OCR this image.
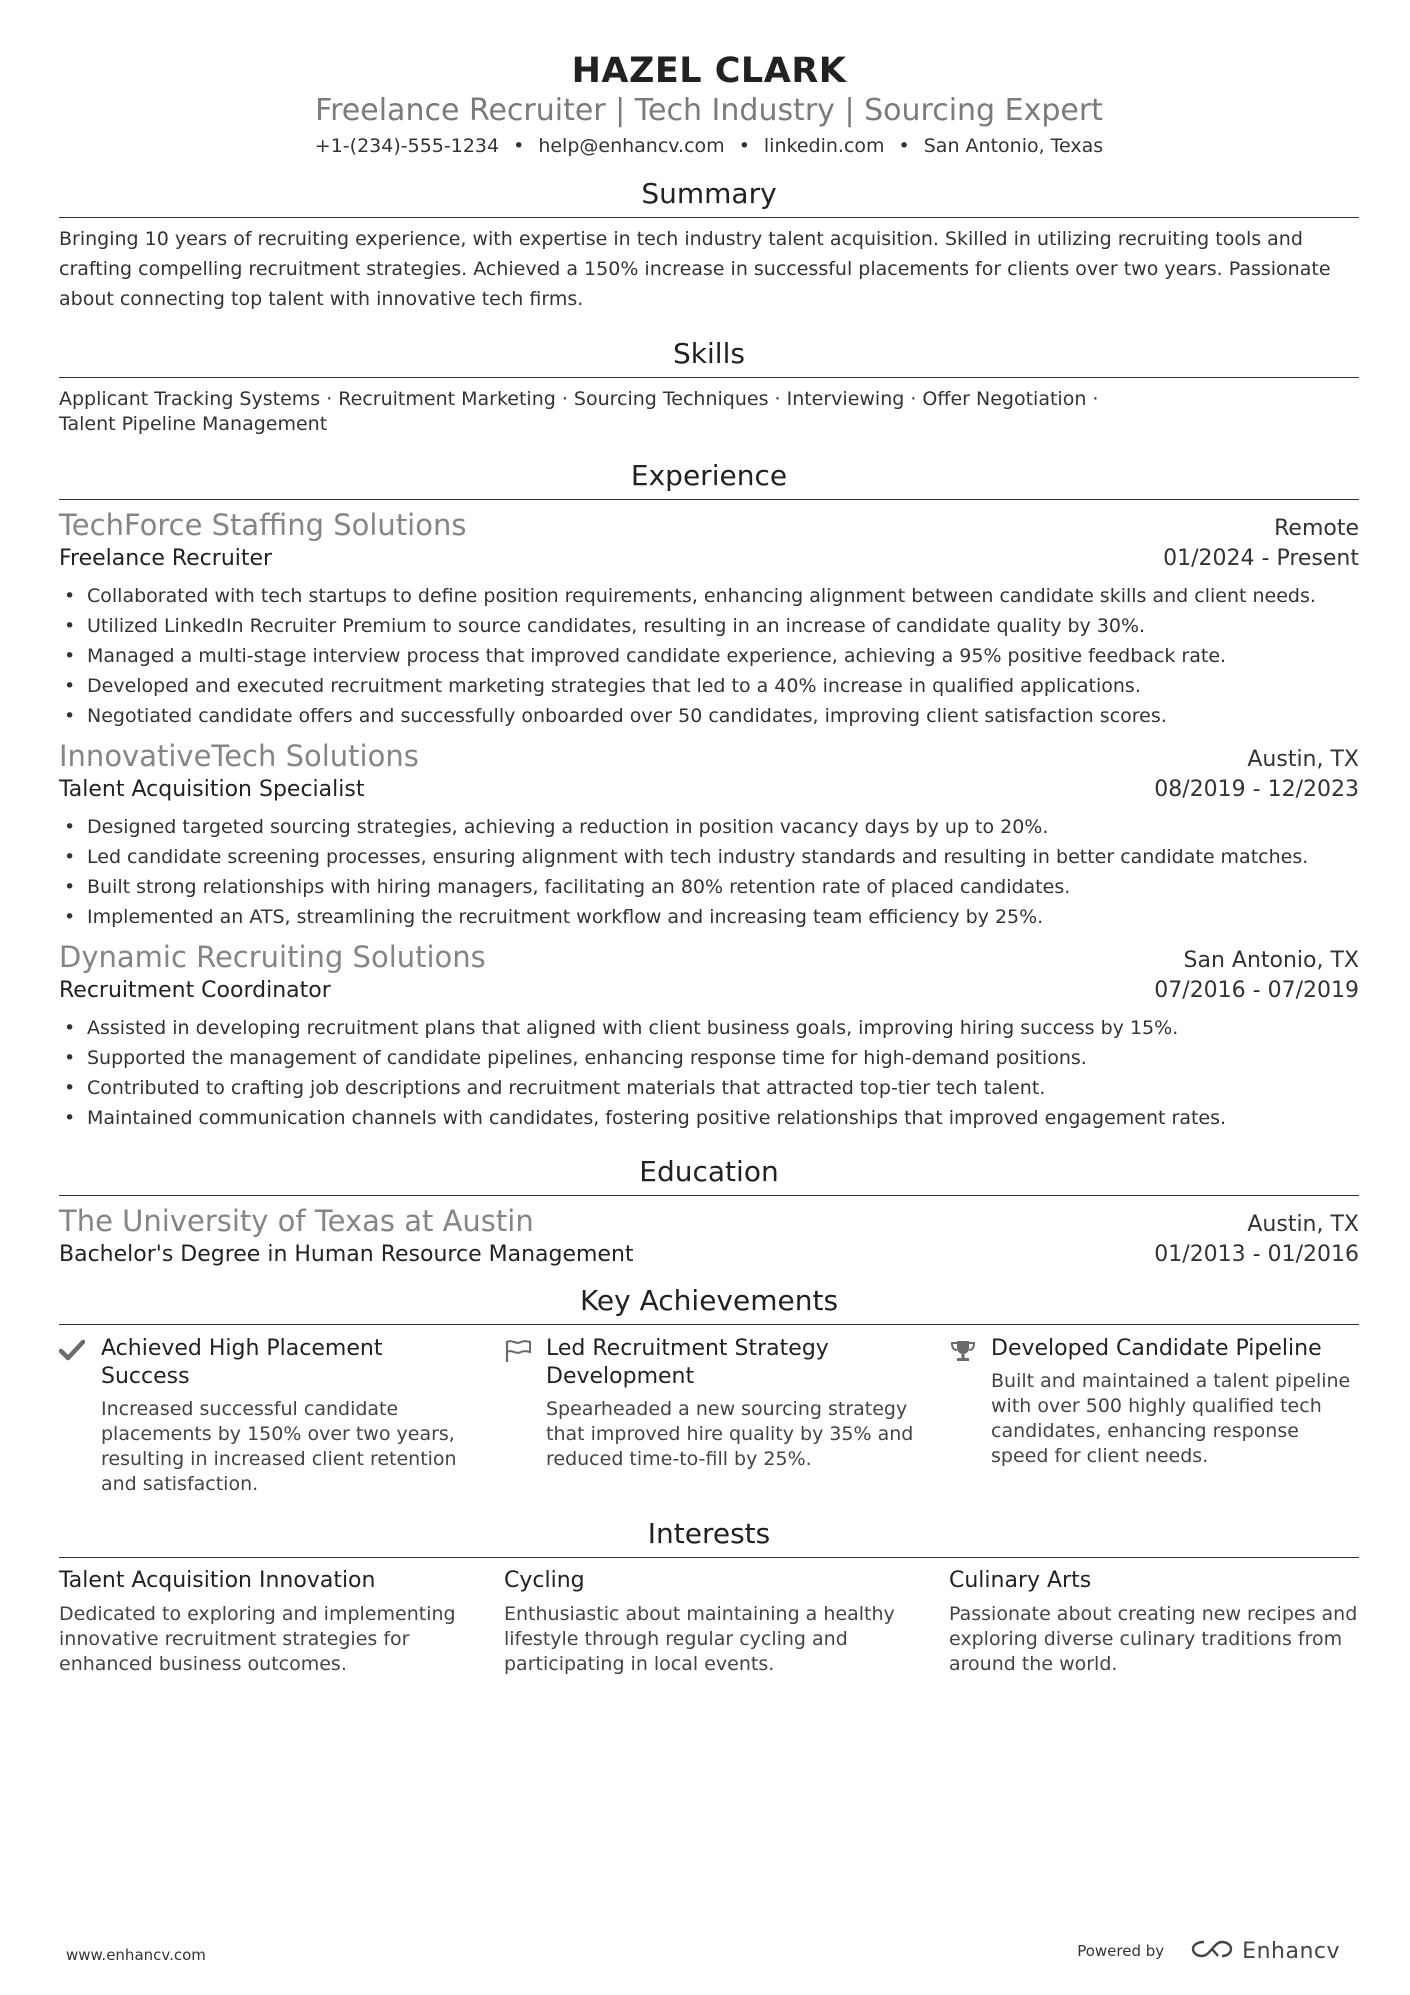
HAZEL CLARK
Freelance Recruiter | Tech Industry | Sourcing Expert
+1-(234)-555-1234 • help@enhancv.com • linkedin.com • San Antonio, Texas
Summary
Bringing 10 years of recruiting experience, with expertise in tech industry talent acquisition. Skilled in utilizing recruiting tools and crafting compelling recruitment strategies. Achieved a 150% increase in successful placements for clients over two years. Passionate about connecting top talent with innovative tech firms.
Skills
Applicant Tracking Systems · Recruitment Marketing · Sourcing Techniques · Interviewing · Offer Negotiation ·
Talent Pipeline Management
Experience
TechForce Staffing Solutions	Remote
Freelance Recruiter	01/2024 - Present
• Collaborated with tech startups to define position requirements, enhancing alignment between candidate skills and client needs.
• Utilized LinkedIn Recruiter Premium to source candidates, resulting in an increase of candidate quality by 30%.
• Managed a multi-stage interview process that improved candidate experience, achieving a 95% positive feedback rate.
• Developed and executed recruitment marketing strategies that led to a 40% increase in qualified applications.
• Negotiated candidate offers and successfully onboarded over 50 candidates, improving client satisfaction scores.
InnovativeTech Solutions	Austin, TX
Talent Acquisition Specialist	08/2019 - 12/2023
• Designed targeted sourcing strategies, achieving a reduction in position vacancy days by up to 20%.
• Led candidate screening processes, ensuring alignment with tech industry standards and resulting in better candidate matches.
• Built strong relationships with hiring managers, facilitating an 80% retention rate of placed candidates.
• Implemented an ATS, streamlining the recruitment workflow and increasing team efficiency by 25%.
Dynamic Recruiting Solutions	San Antonio, TX
Recruitment Coordinator	07/2016 - 07/2019
• Assisted in developing recruitment plans that aligned with client business goals, improving hiring success by 15%.
• Supported the management of candidate pipelines, enhancing response time for high-demand positions.
• Contributed to crafting job descriptions and recruitment materials that attracted top-tier tech talent.
• Maintained communication channels with candidates, fostering positive relationships that improved engagement rates.
Education
The University of Texas at Austin	Austin, TX
Bachelor's Degree in Human Resource Management	01/2013 - 01/2016
Key Achievements
Achieved High Placement Success
Increased successful candidate placements by 150% over two years, resulting in increased client retention and satisfaction.
Led Recruitment Strategy Development
Spearheaded a new sourcing strategy that improved hire quality by 35% and reduced time-to-fill by 25%.
Developed Candidate Pipeline
Built and maintained a talent pipeline with over 500 highly qualified tech candidates, enhancing response speed for client needs.
Interests
Talent Acquisition Innovation
Dedicated to exploring and implementing innovative recruitment strategies for enhanced business outcomes.
Cycling
Enthusiastic about maintaining a healthy lifestyle through regular cycling and participating in local events.
Culinary Arts
Passionate about creating new recipes and exploring diverse culinary traditions from around the world.
www.enhancv.com	Powered by	Enhancv
